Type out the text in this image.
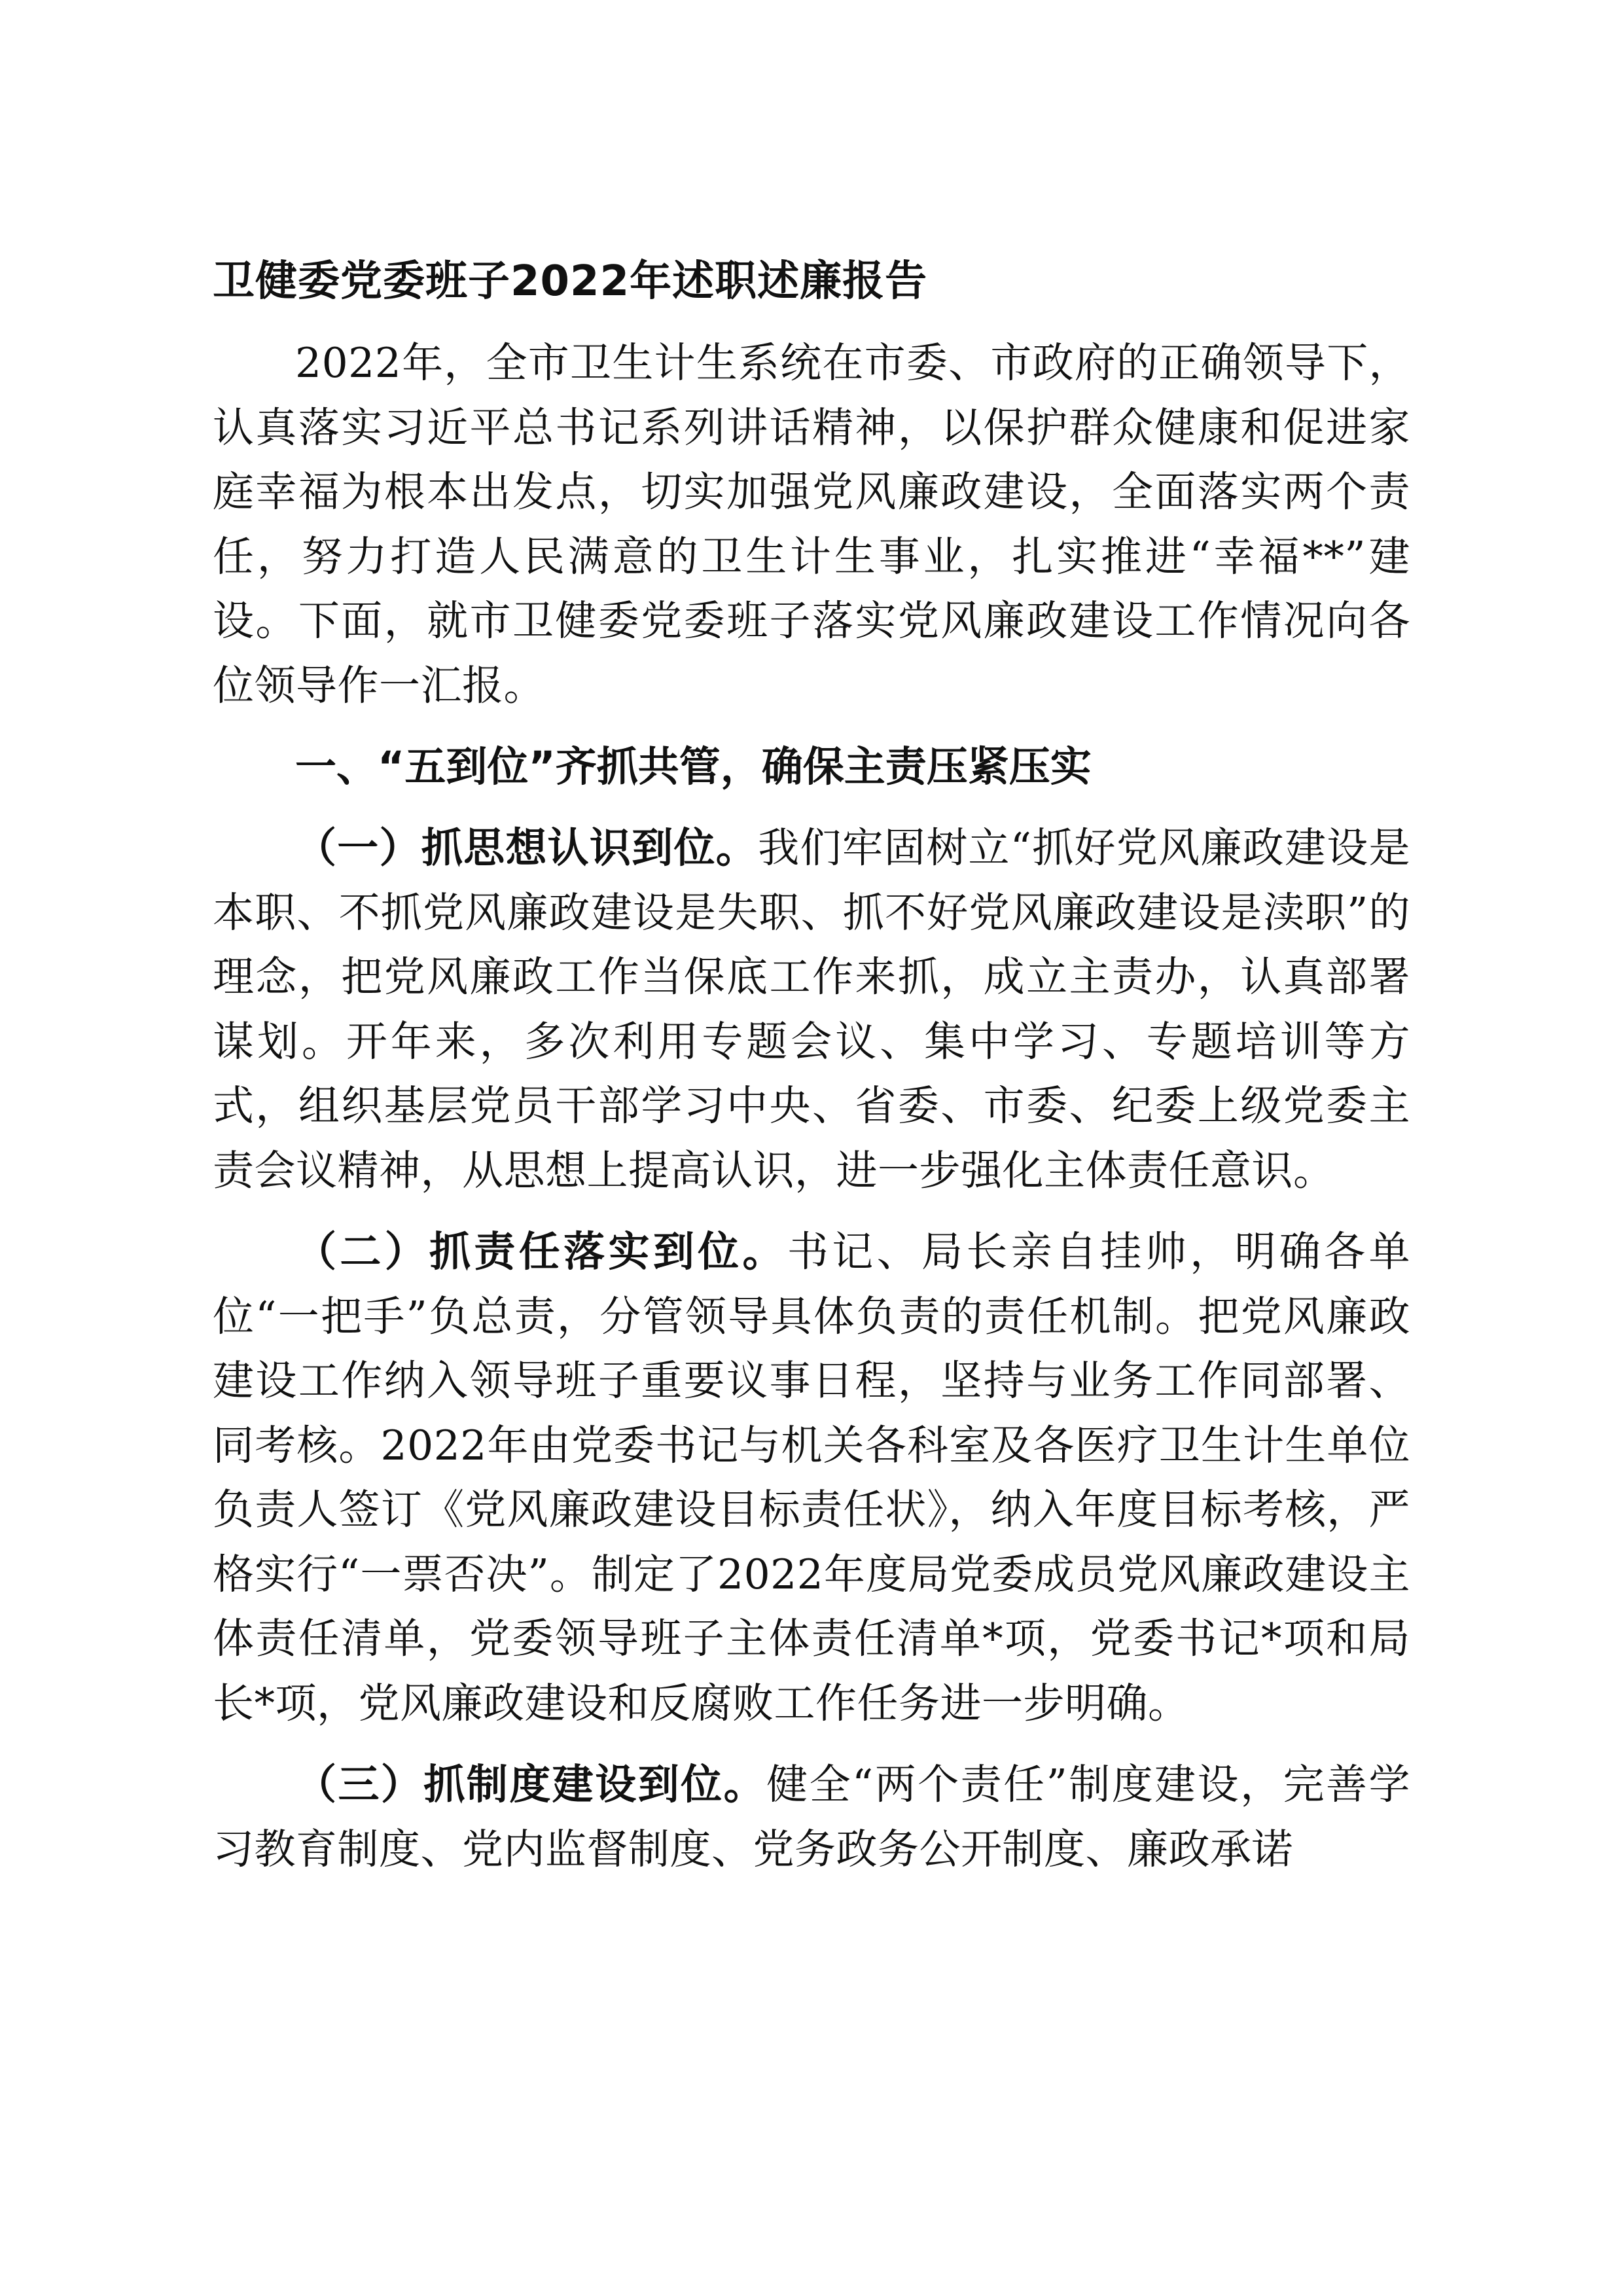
卫健委党委班子2022年述职述廉报告

2022年，全市卫生计生系统在市委、市政府的正确领导下，认真落实习近平总书记系列讲话精神，以保护群众健康和促进家庭幸福为根本出发点，切实加强党风廉政建设，全面落实两个责任，努力打造人民满意的卫生计生事业，扎实推进“幸福**”建设。下面，就市卫健委党委班子落实党风廉政建设工作情况向各位领导作一汇报。

一、“五到位”齐抓共管，确保主责压紧压实

（一）抓思想认识到位。我们牢固树立“抓好党风廉政建设是本职、不抓党风廉政建设是失职、抓不好党风廉政建设是渎职”的理念，把党风廉政工作当保底工作来抓，成立主责办，认真部署谋划。开年来，多次利用专题会议、集中学习、专题培训等方式，组织基层党员干部学习中央、省委、市委、纪委上级党委主责会议精神，从思想上提高认识，进一步强化主体责任意识。

（二）抓责任落实到位。书记、局长亲自挂帅，明确各单位“一把手”负总责，分管领导具体负责的责任机制。把党风廉政建设工作纳入领导班子重要议事日程，坚持与业务工作同部署、同考核。2022年由党委书记与机关各科室及各医疗卫生计生单位负责人签订《党风廉政建设目标责任状》，纳入年度目标考核，严格实行“一票否决”。制定了2022年度局党委成员党风廉政建设主体责任清单，党委领导班子主体责任清单*项，党委书记*项和局长*项，党风廉政建设和反腐败工作任务进一步明确。

（三）抓制度建设到位。健全“两个责任”制度建设，完善学习教育制度、党内监督制度、党务政务公开制度、廉政承诺
